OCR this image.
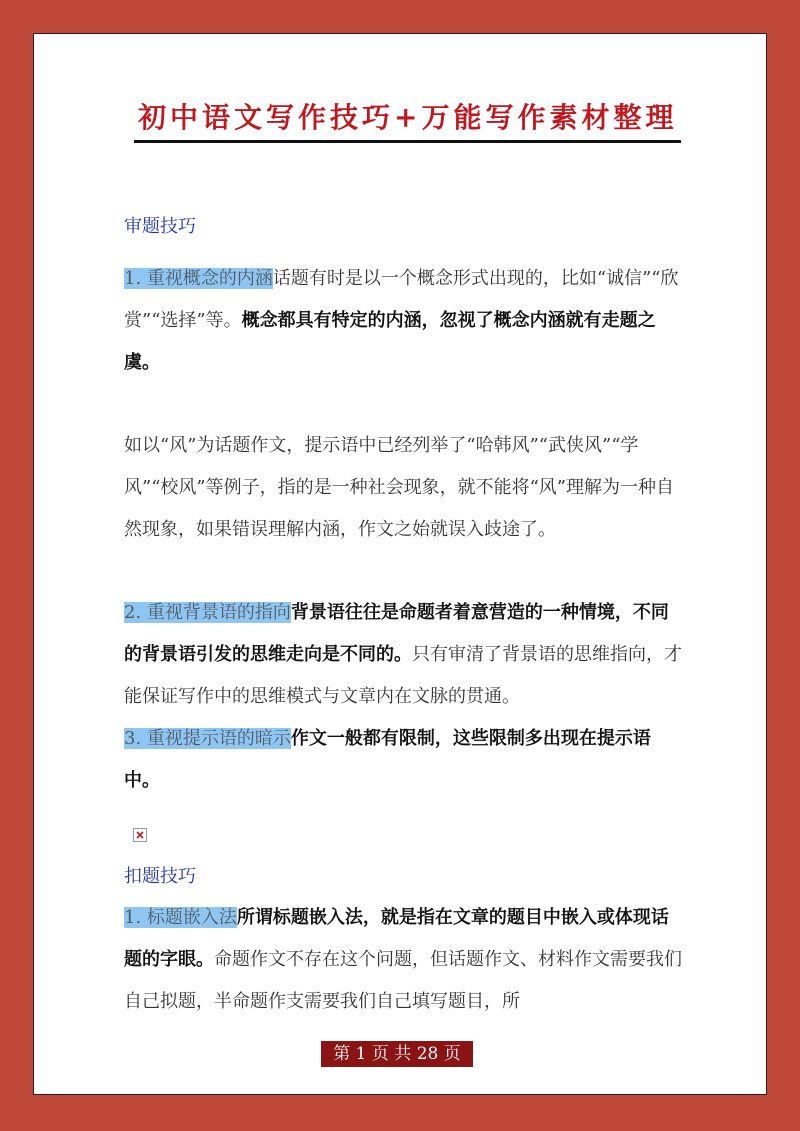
初中语文写作技巧+万能写作素材整理
审题技巧

1. 重视概念的内涵话题有时是以一个概念形式出现的，比如“诚信”“欣赏”“选择”等。概念都具有特定的内涵，忽视了概念内涵就有走题之虞。

如以“风”为话题作文，提示语中已经列举了“哈韩风”“武侠风”“学风”“校风”等例子，指的是一种社会现象，就不能将“风”理解为一种自然现象，如果错误理解内涵，作文之始就误入歧途了。

2. 重视背景语的指向背景语往往是命题者着意营造的一种情境，不同的背景语引发的思维走向是不同的。只有审清了背景语的思维指向，才能保证写作中的思维模式与文章内在文脉的贯通。

3. 重视提示语的暗示作文一般都有限制，这些限制多出现在提示语中。

扣题技巧

1. 标题嵌入法所谓标题嵌入法，就是指在文章的题目中嵌入或体现话题的字眼。命题作文不存在这个问题，但话题作文、材料作文需要我们自己拟题，半命题作支需要我们自己填写题目，所

第 1 页 共 28 页
